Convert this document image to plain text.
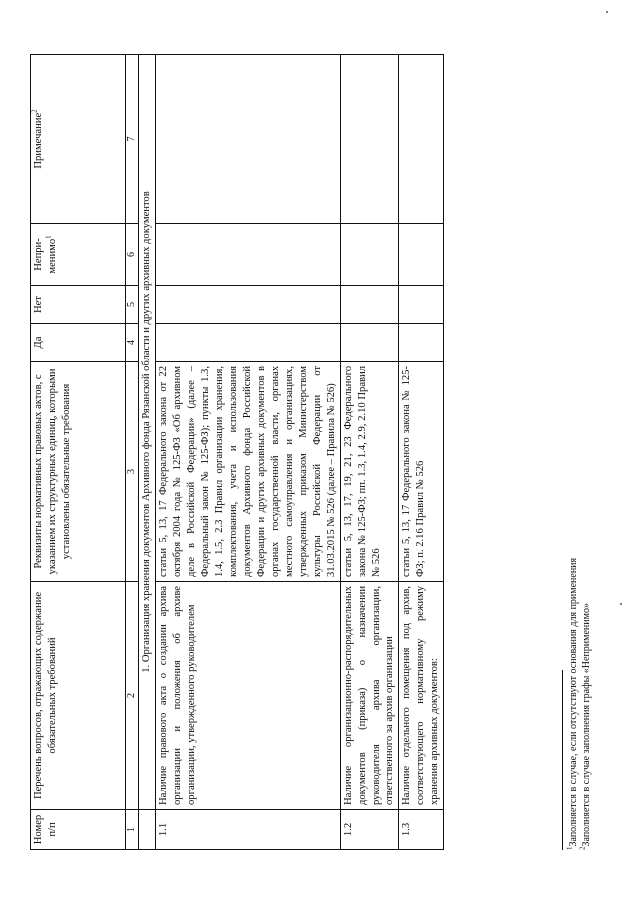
Номер п/п	Перечень вопросов, отражающих содержание обязательных требований	Реквизиты нормативных правовых актов, с указанием их структурных единиц, которыми установлены обязательные требования	Да	Нет	Непри-менимо$^1$	Примечание$^2$
1	2	3	4	5	6	7
	1. Организация хранения документов Архивного фонда Рязанской области и других архивных документов					
1.1	Наличие правового акта о создании архива организации и положения об архиве организации, утвержденного руководителем	статьи 5, 13, 17 Федерального закона от 22 октября 2004 года № 125-ФЗ «Об архивном деле в Российской Федерации» (далее – Федеральный закон № 125-ФЗ); пункты 1.3, 1.4, 1.5, 2.3 Правил организации хранения, комплектования, учета и использования документов Архивного фонда Российской Федерации и других архивных документов в органах государственной власти, органах местного самоуправления и организациях, утвержденных приказом Министерством культуры Российской Федерации от 31.03.2015 № 526 (далее – Правила № 526)				
1.2	Наличие организационно-распорядительных документов (приказа) о назначении руководителя архива организации, ответственного за архив организации	статьи 5, 13, 17, 19, 21, 23 Федерального закона № 125-ФЗ; пп. 1.3, 1.4, 2.9, 2.10 Правил № 526				
1.3	Наличие отдельного помещения под архив, соответствующего нормативному режиму хранения архивных документов:	статьи 5, 13, 17 Федерального закона № 125-ФЗ; п. 2.16 Правил № 526				
$^1$Заполняется в случае, если отсутствуют основания для применения
$^2$Заполняется в случае заполнения графы «Неприменимо»
